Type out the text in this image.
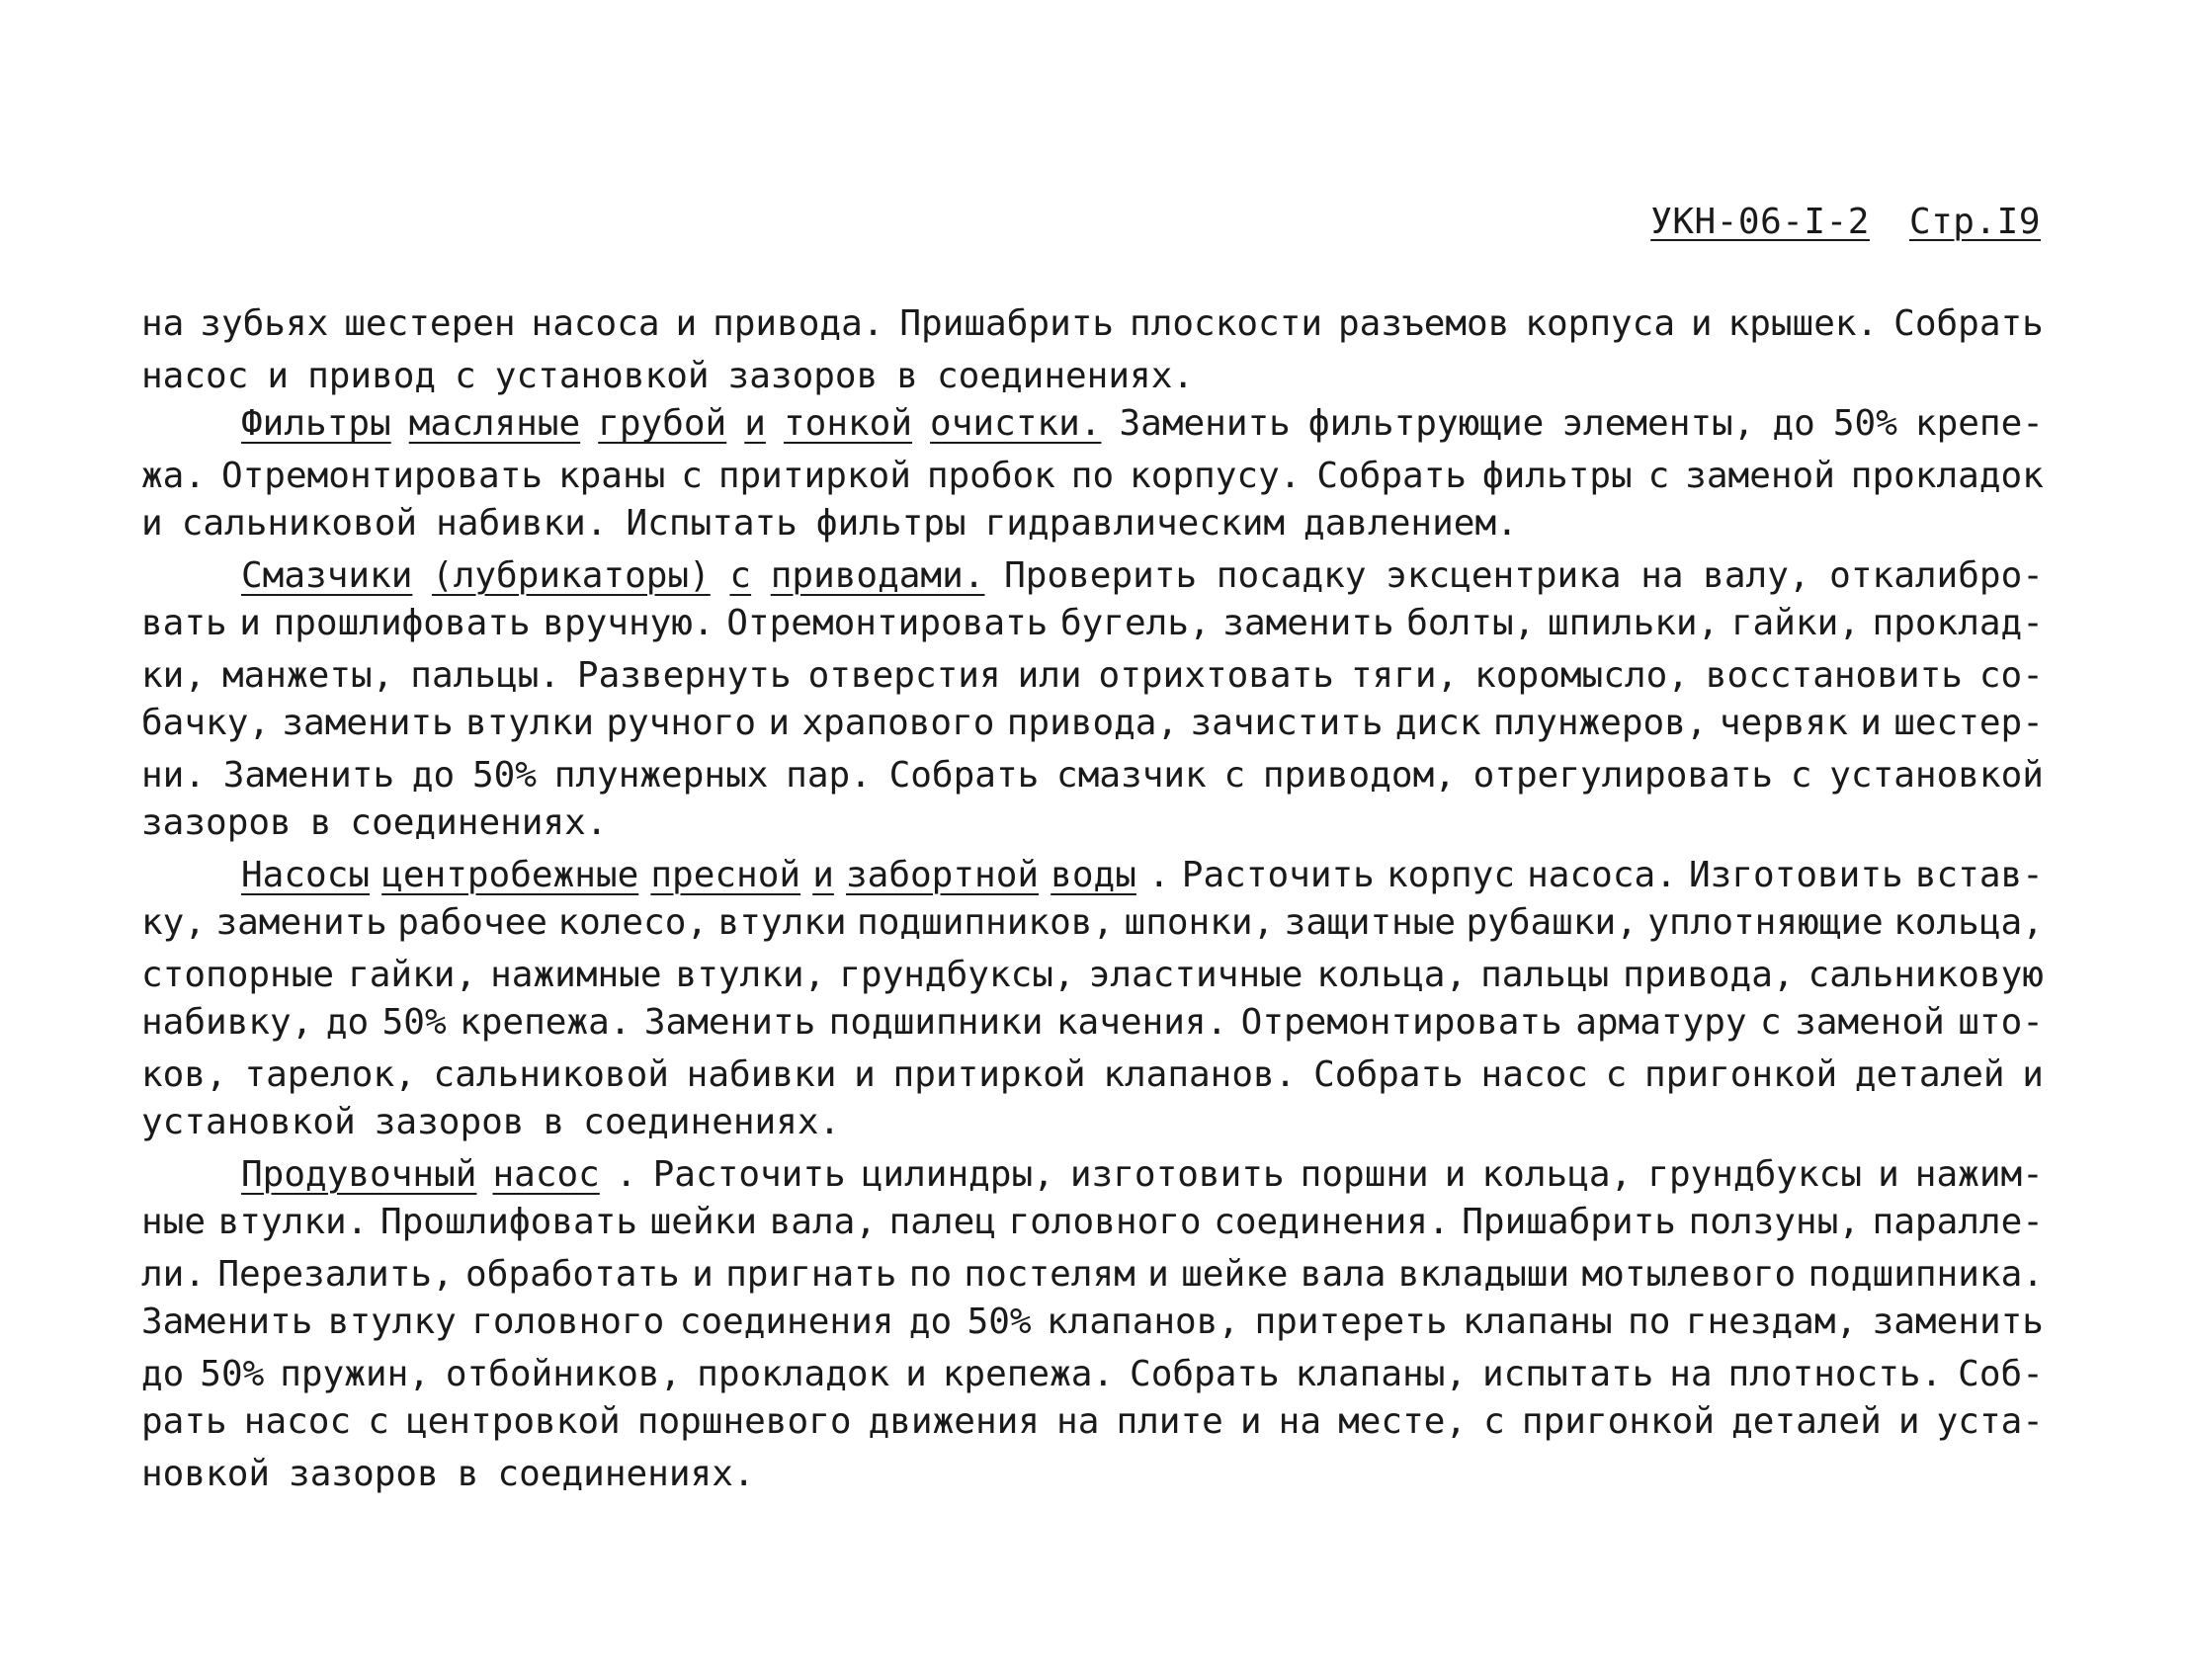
УКН-06-I-2 Стр.I9
на зубьях шестерен насоса и привода. Пришабрить плоскости разъемов корпуса и крышек. Собрать
насос и привод с установкой зазоров в соединениях.
Фильтры масляные грубой и тонкой очистки. Заменить фильтрующие элементы, до 50% крепе-
жа. Отремонтировать краны с притиркой пробок по корпусу. Собрать фильтры с заменой прокладок
и сальниковой набивки. Испытать фильтры гидравлическим давлением.
Смазчики (лубрикаторы) с приводами. Проверить посадку эксцентрика на валу, откалибро-
вать и прошлифовать вручную. Отремонтировать бугель, заменить болты, шпильки, гайки, проклад-
ки, манжеты, пальцы. Развернуть отверстия или отрихтовать тяги, коромысло, восстановить со-
бачку, заменить втулки ручного и храпового привода, зачистить диск плунжеров, червяк и шестер-
ни. Заменить до 50% плунжерных пар. Собрать смазчик с приводом, отрегулировать с установкой
зазоров в соединениях.
Насосы центробежные пресной и забортной воды . Расточить корпус насоса. Изготовить встав-
ку, заменить рабочее колесо, втулки подшипников, шпонки, защитные рубашки, уплотняющие кольца,
стопорные гайки, нажимные втулки, грундбуксы, эластичные кольца, пальцы привода, сальниковую
набивку, до 50% крепежа. Заменить подшипники качения. Отремонтировать арматуру с заменой што-
ков, тарелок, сальниковой набивки и притиркой клапанов. Собрать насос с пригонкой деталей и
установкой зазоров в соединениях.
Продувочный насос . Расточить цилиндры, изготовить поршни и кольца, грундбуксы и нажим-
ные втулки. Прошлифовать шейки вала, палец головного соединения. Пришабрить ползуны, паралле-
ли. Перезалить, обработать и пригнать по постелям и шейке вала вкладыши мотылевого подшипника.
Заменить втулку головного соединения до 50% клапанов, притереть клапаны по гнездам, заменить
до 50% пружин, отбойников, прокладок и крепежа. Собрать клапаны, испытать на плотность. Соб-
рать насос с центровкой поршневого движения на плите и на месте, с пригонкой деталей и уста-
новкой зазоров в соединениях.
